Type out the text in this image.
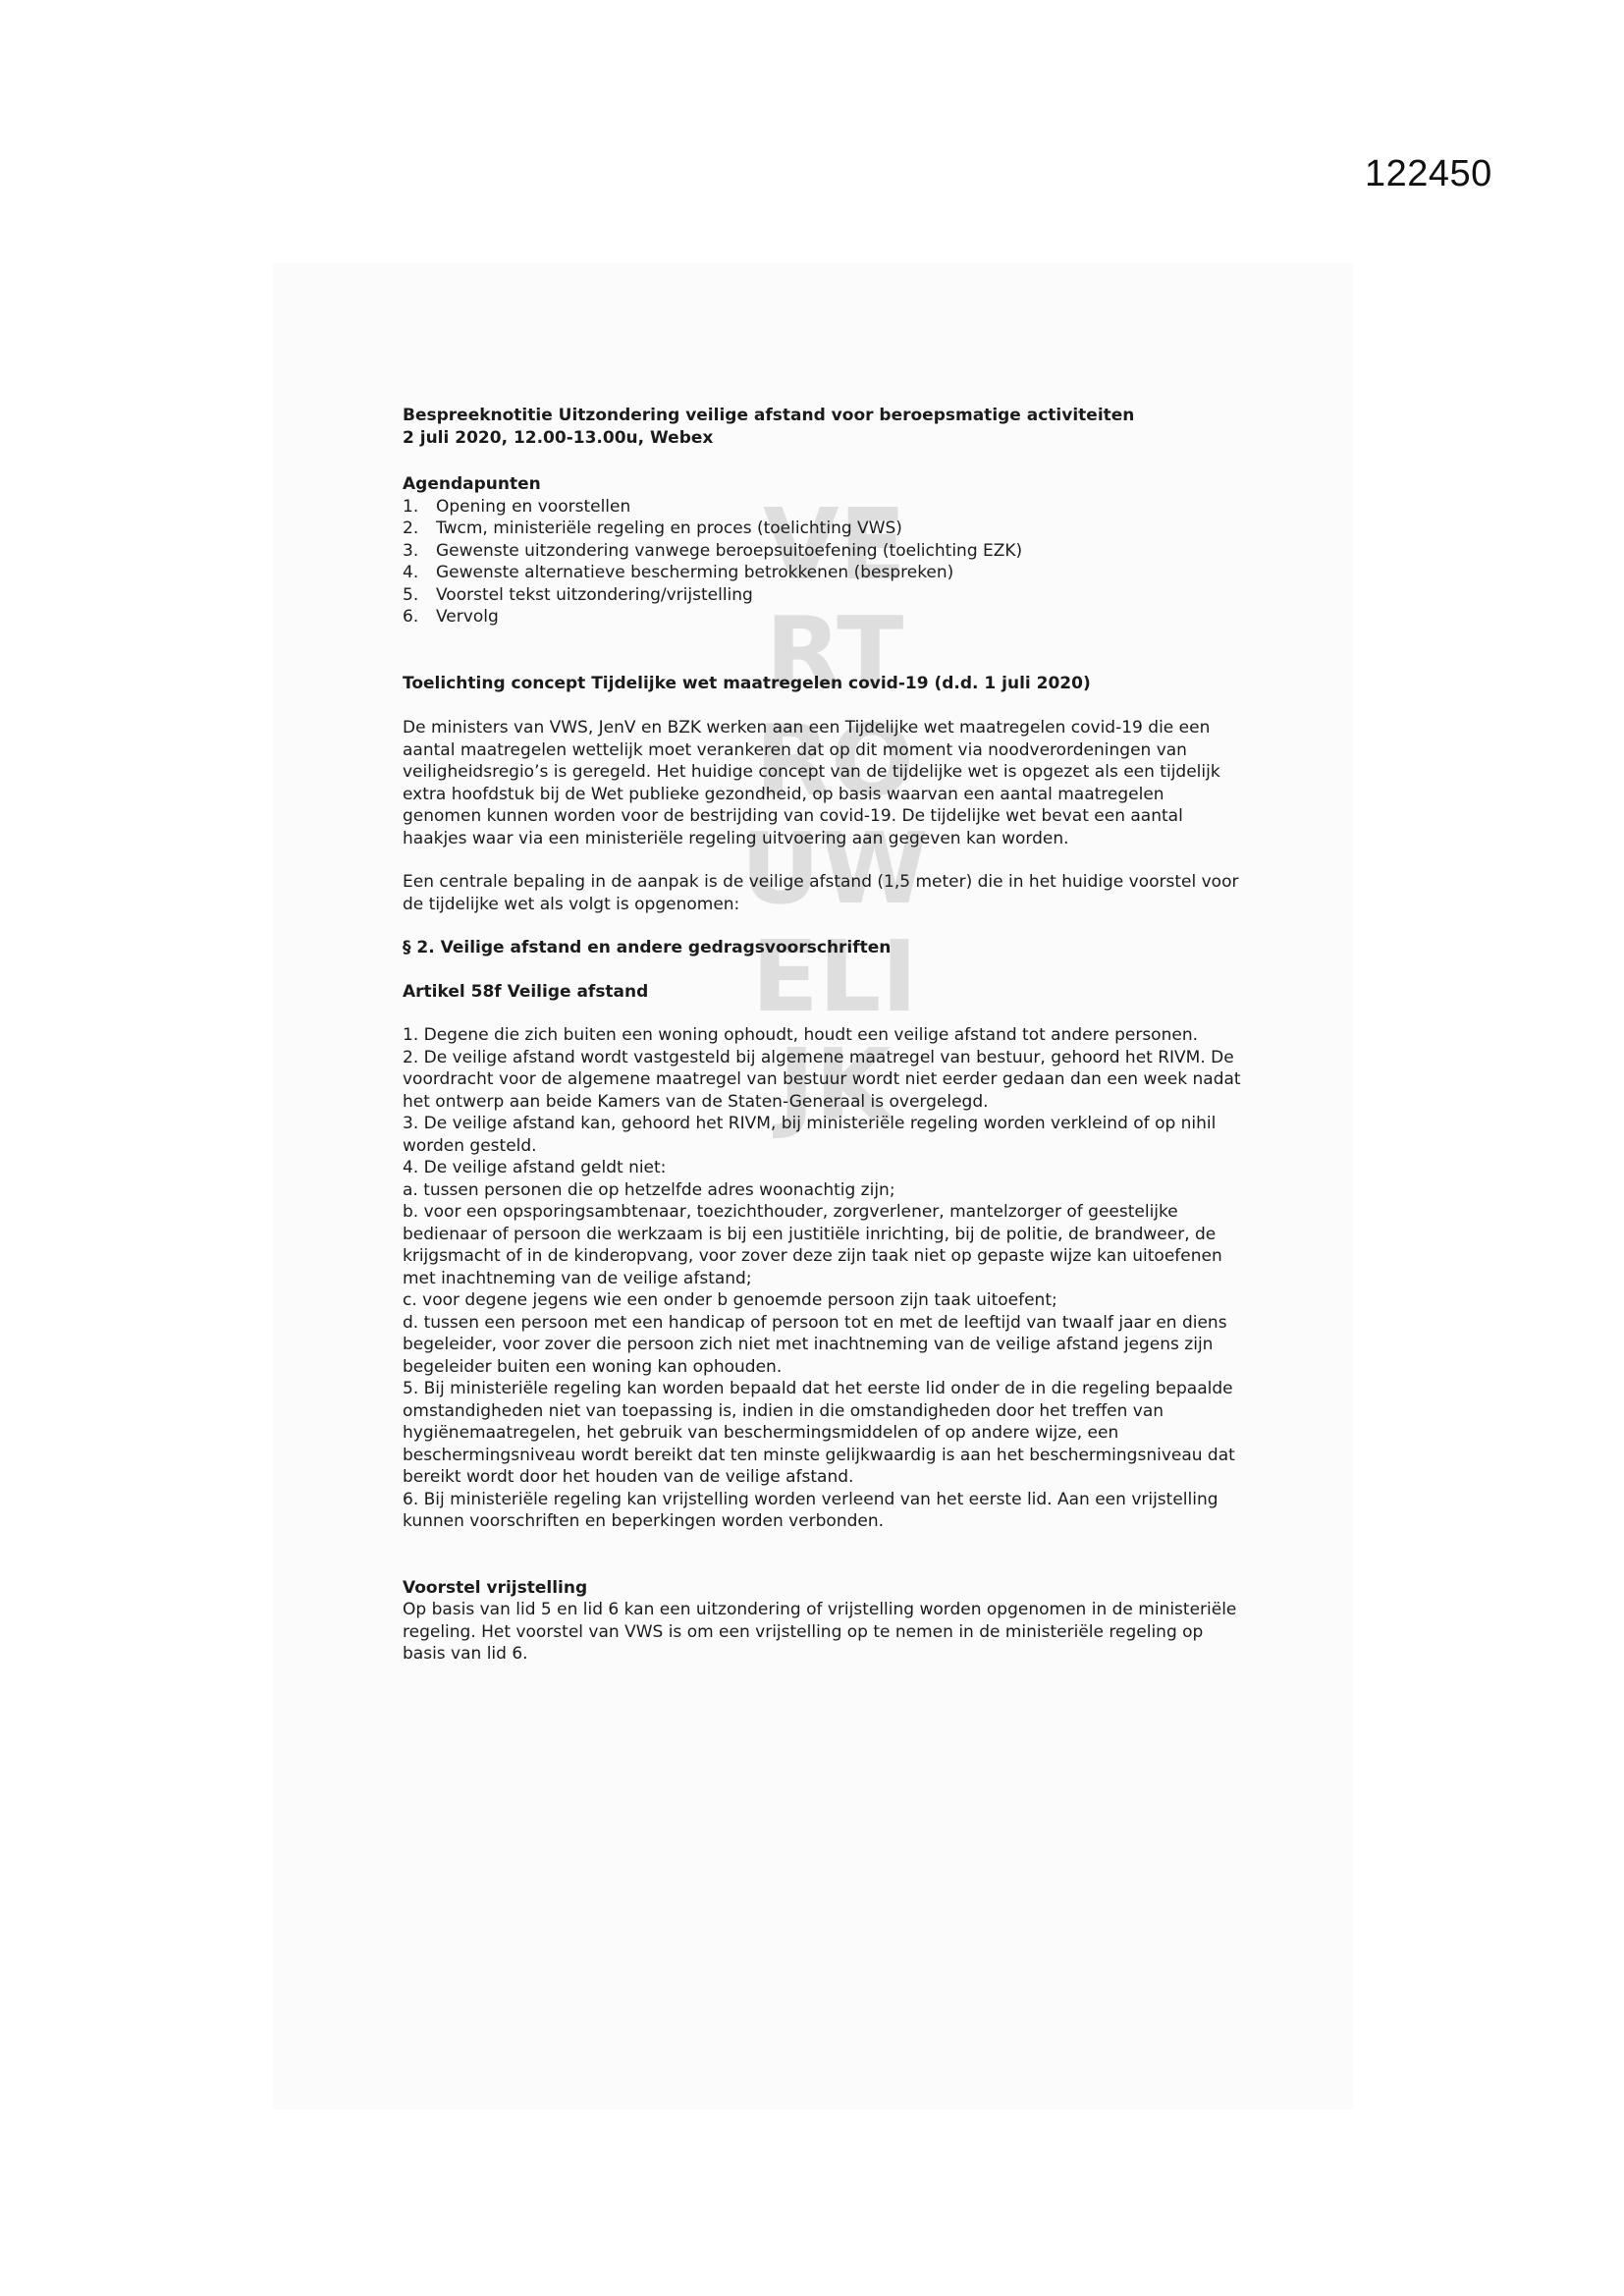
122450
VE
RT
RO
UW
ELI
JK
Bespreeknotitie Uitzondering veilige afstand voor beroepsmatige activiteiten
2 juli 2020, 12.00-13.00u, Webex
Agendapunten
1.	Opening en voorstellen
2.	Twcm, ministeriële regeling en proces (toelichting VWS)
3.	Gewenste uitzondering vanwege beroepsuitoefening (toelichting EZK)
4.	Gewenste alternatieve bescherming betrokkenen (bespreken)
5.	Voorstel tekst uitzondering/vrijstelling
6.	Vervolg
Toelichting concept Tijdelijke wet maatregelen covid-19 (d.d. 1 juli 2020)
De ministers van VWS, JenV en BZK werken aan een Tijdelijke wet maatregelen covid-19 die een aantal maatregelen wettelijk moet verankeren dat op dit moment via noodverordeningen van veiligheidsregio’s is geregeld. Het huidige concept van de tijdelijke wet is opgezet als een tijdelijk extra hoofdstuk bij de Wet publieke gezondheid, op basis waarvan een aantal maatregelen genomen kunnen worden voor de bestrijding van covid-19. De tijdelijke wet bevat een aantal haakjes waar via een ministeriële regeling uitvoering aan gegeven kan worden.
Een centrale bepaling in de aanpak is de veilige afstand (1,5 meter) die in het huidige voorstel voor de tijdelijke wet als volgt is opgenomen:
§ 2. Veilige afstand en andere gedragsvoorschriften
Artikel 58f Veilige afstand
1. Degene die zich buiten een woning ophoudt, houdt een veilige afstand tot andere personen.
2. De veilige afstand wordt vastgesteld bij algemene maatregel van bestuur, gehoord het RIVM. De voordracht voor de algemene maatregel van bestuur wordt niet eerder gedaan dan een week nadat het ontwerp aan beide Kamers van de Staten-Generaal is overgelegd.
3. De veilige afstand kan, gehoord het RIVM, bij ministeriële regeling worden verkleind of op nihil worden gesteld.
4. De veilige afstand geldt niet:
a. tussen personen die op hetzelfde adres woonachtig zijn;
b. voor een opsporingsambtenaar, toezichthouder, zorgverlener, mantelzorger of geestelijke bedienaar of persoon die werkzaam is bij een justitiële inrichting, bij de politie, de brandweer, de krijgsmacht of in de kinderopvang, voor zover deze zijn taak niet op gepaste wijze kan uitoefenen met inachtneming van de veilige afstand;
c. voor degene jegens wie een onder b genoemde persoon zijn taak uitoefent;
d. tussen een persoon met een handicap of persoon tot en met de leeftijd van twaalf jaar en diens begeleider, voor zover die persoon zich niet met inachtneming van de veilige afstand jegens zijn begeleider buiten een woning kan ophouden.
5. Bij ministeriële regeling kan worden bepaald dat het eerste lid onder de in die regeling bepaalde omstandigheden niet van toepassing is, indien in die omstandigheden door het treffen van hygiënemaatregelen, het gebruik van beschermingsmiddelen of op andere wijze, een beschermingsniveau wordt bereikt dat ten minste gelijkwaardig is aan het beschermingsniveau dat bereikt wordt door het houden van de veilige afstand.
6. Bij ministeriële regeling kan vrijstelling worden verleend van het eerste lid. Aan een vrijstelling kunnen voorschriften en beperkingen worden verbonden.
Voorstel vrijstelling
Op basis van lid 5 en lid 6 kan een uitzondering of vrijstelling worden opgenomen in de ministeriële regeling. Het voorstel van VWS is om een vrijstelling op te nemen in de ministeriële regeling op basis van lid 6.
